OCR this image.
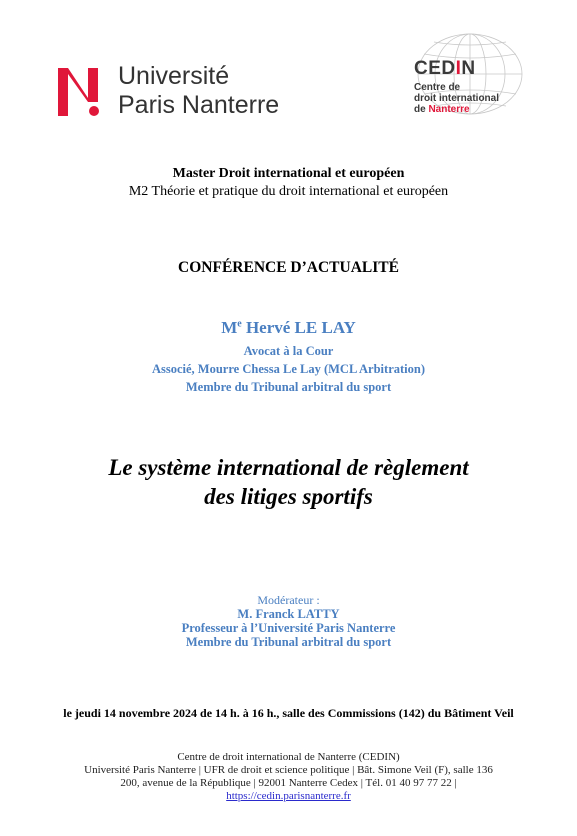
Université
Paris Nanterre
CEDIN
Centre de
droit international
de Nanterre
Master Droit international et européen
M2 Théorie et pratique du droit international et européen
CONFÉRENCE D’ACTUALITÉ
Me Hervé LE LAY
Avocat à la Cour
Associé, Mourre Chessa Le Lay (MCL Arbitration)
Membre du Tribunal arbitral du sport
Le système international de règlement
des litiges sportifs
Modérateur :
M. Franck LATTY
Professeur à l’Université Paris Nanterre
Membre du Tribunal arbitral du sport
le jeudi 14 novembre 2024 de 14 h. à 16 h., salle des Commissions (142) du Bâtiment Veil
Centre de droit international de Nanterre (CEDIN)
Université Paris Nanterre | UFR de droit et science politique | Bât. Simone Veil (F), salle 136
200, avenue de la République | 92001 Nanterre Cedex | Tél. 01 40 97 77 22 |
https://cedin.parisnanterre.fr
